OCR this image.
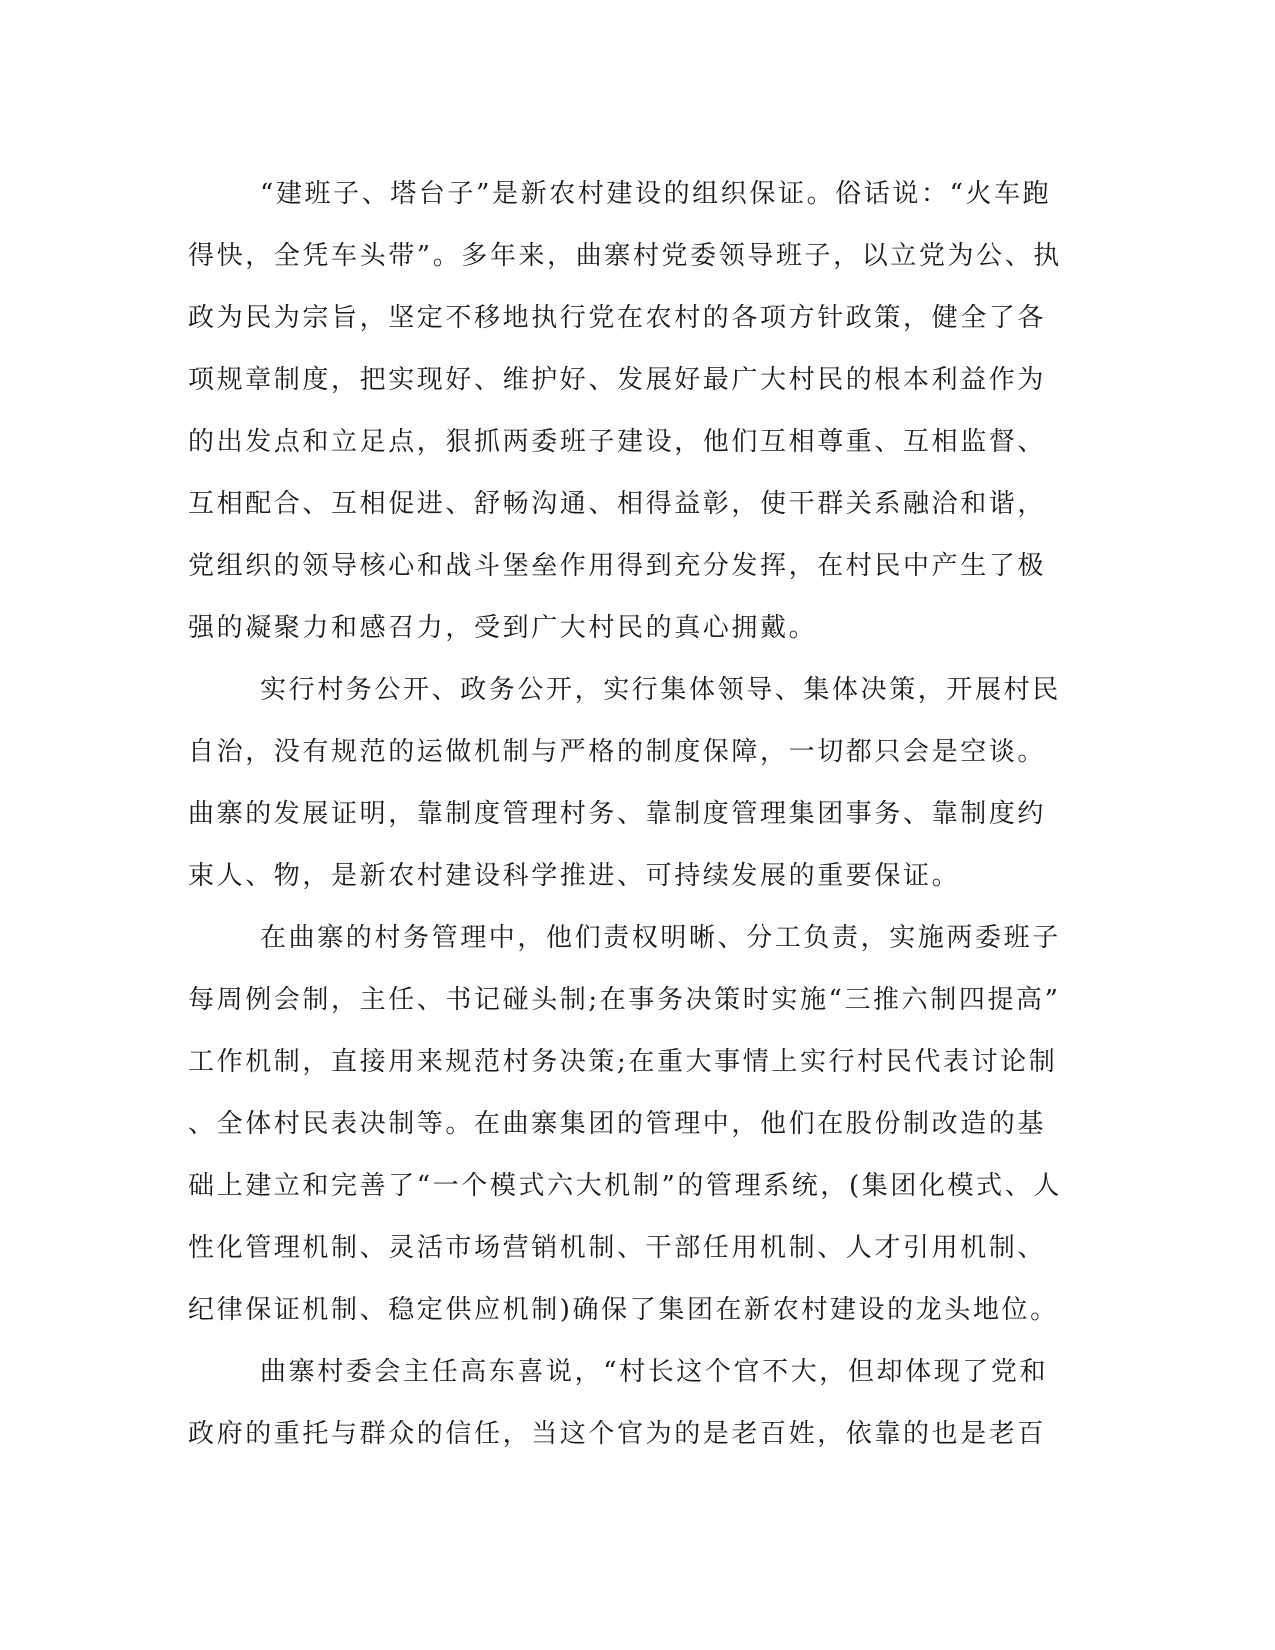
“建班子、塔台子”是新农村建设的组织保证。俗话说：“火车跑
得快，全凭车头带”。多年来，曲寨村党委领导班子，以立党为公、执
政为民为宗旨，坚定不移地执行党在农村的各项方针政策，健全了各
项规章制度，把实现好、维护好、发展好最广大村民的根本利益作为
的出发点和立足点，狠抓两委班子建设，他们互相尊重、互相监督、
互相配合、互相促进、舒畅沟通、相得益彰，使干群关系融洽和谐，
党组织的领导核心和战斗堡垒作用得到充分发挥，在村民中产生了极
强的凝聚力和感召力，受到广大村民的真心拥戴。
实行村务公开、政务公开，实行集体领导、集体决策，开展村民
自治，没有规范的运做机制与严格的制度保障，一切都只会是空谈。
曲寨的发展证明，靠制度管理村务、靠制度管理集团事务、靠制度约
束人、物，是新农村建设科学推进、可持续发展的重要保证。
在曲寨的村务管理中，他们责权明晰、分工负责，实施两委班子
每周例会制，主任、书记碰头制;在事务决策时实施“三推六制四提高”
工作机制，直接用来规范村务决策;在重大事情上实行村民代表讨论制
、全体村民表决制等。在曲寨集团的管理中，他们在股份制改造的基
础上建立和完善了“一个模式六大机制”的管理系统，(集团化模式、人
性化管理机制、灵活市场营销机制、干部任用机制、人才引用机制、
纪律保证机制、稳定供应机制)确保了集团在新农村建设的龙头地位。
曲寨村委会主任高东喜说，“村长这个官不大，但却体现了党和
政府的重托与群众的信任，当这个官为的是老百姓，依靠的也是老百
